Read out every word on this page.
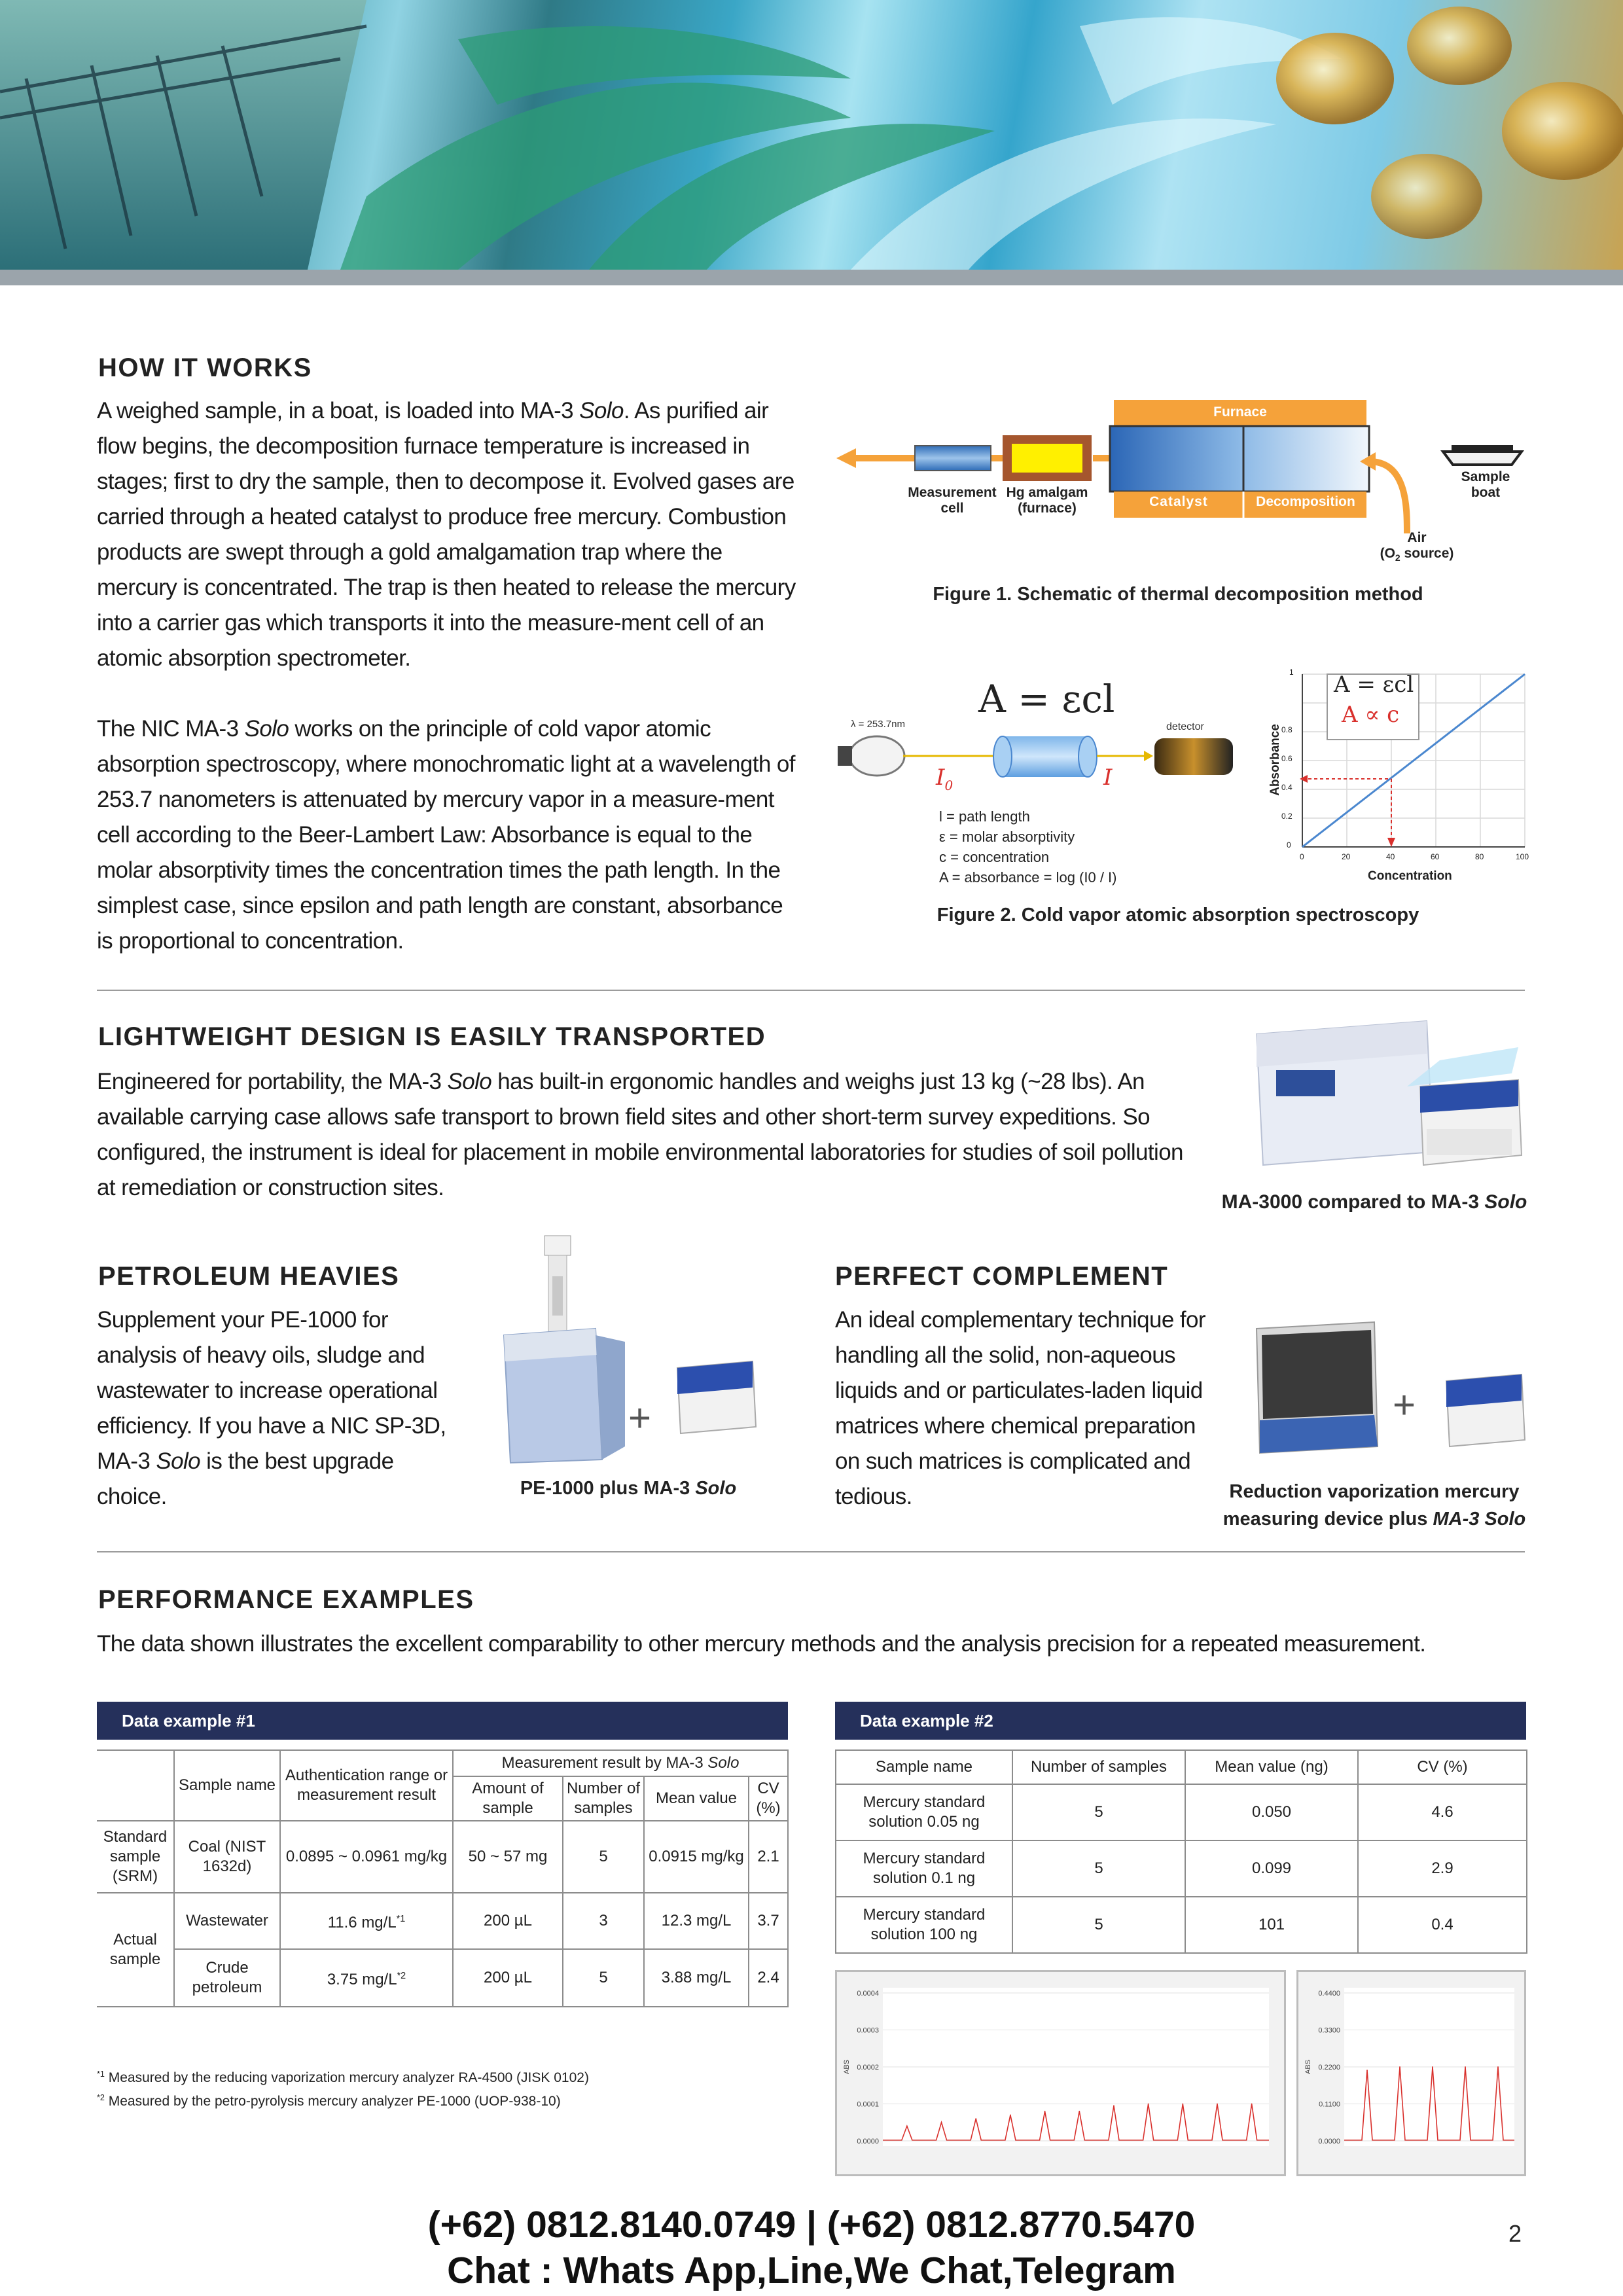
HOW IT WORKS

A weighed sample, in a boat, is loaded into MA-3 Solo. As purified air flow begins, the decomposition furnace temperature is increased in stages; first to dry the sample, then to decompose it. Evolved gases are carried through a heated catalyst to produce free mercury. Combustion products are swept through a gold amalgamation trap where the mercury is concentrated. The trap is then heated to release the mercury into a carrier gas which transports it into the measure-ment cell of an atomic absorption spectrometer.

The NIC MA-3 Solo works on the principle of cold vapor atomic absorption spectroscopy, where monochromatic light at a wavelength of 253.7 nanometers is attenuated by mercury vapor in a measure-ment cell according to the Beer-Lambert Law: Absorbance is equal to the molar absorptivity times the concentration times the path length. In the simplest case, since epsilon and path length are constant, absorbance is proportional to concentration.

Furnace
Catalyst	Decomposition
Measurement cell
Hg amalgam
(furnace)
Sample boat
Air
($O_2$ source)
Figure 1. Schematic of thermal decomposition method
A = εcl
λ = 253.7nm	detector
$I_0$	I
l = path length
ε = molar absorptivity
c = concentration
A = absorbance = log (I0 / I)
A = εcl
A ∝ c
Absorbance
Concentration
0
0.2
0.4
0.6
0.8
1
0	20	40	60	80	100
Figure 2. Cold vapor atomic absorption spectroscopy
LIGHTWEIGHT DESIGN IS EASILY TRANSPORTED

Engineered for portability, the MA-3 Solo has built-in ergonomic handles and weighs just 13 kg (~28 lbs). An available carrying case allows safe transport to brown field sites and other short-term survey expeditions. So configured, the instrument is ideal for placement in mobile environmental laboratories for studies of soil pollution at remediation or construction sites.

MA-3000 compared to MA-3 Solo
PETROLEUM HEAVIES

Supplement your PE-1000 for analysis of heavy oils, sludge and wastewater to increase operational efficiency. If you have a NIC SP-3D, MA-3 Solo is the best upgrade choice.

+
PE-1000 plus MA-3 Solo
PERFECT COMPLEMENT

An ideal complementary technique for handling all the solid, non-aqueous liquids and or particulates-laden liquid matrices where chemical preparation on such matrices is complicated and tedious.

+
Reduction vaporization mercury
measuring device plus MA-3 Solo
PERFORMANCE EXAMPLES

The data shown illustrates the excellent comparability to other mercury methods and the analysis precision for a repeated measurement.

Data example #1
	Sample name	Authentication range or measurement result	Measurement result by MA-3 Solo			
			Amount of sample	Number of samples	Mean value	CV (%)
Standard sample (SRM)	Coal (NIST 1632d)	0.0895 ~ 0.0961 mg/kg	50 ~ 57 mg	5	0.0915 mg/kg	2.1
Actual sample	Wastewater	11.6 $mg/L^{*1}$	200 µL	3	12.3 mg/L	3.7
	Crude petroleum	3.75 $mg/L^{*2}$	200 µL	5	3.88 mg/L	2.4
$^{*1}$ Measured by the reducing vaporization mercury analyzer RA-4500 (JISK 0102)
$^{*2}$ Measured by the petro-pyrolysis mercury analyzer PE-1000 (UOP-938-10)
Data example #2
Sample name	Number of samples	Mean value (ng)	CV (%)
Mercury standard solution 0.05 ng	5	0.050	4.6
Mercury standard solution 0.1 ng	5	0.099	2.9
Mercury standard solution 100 ng	5	101	0.4
0.0004
0.0003
0.0002
0.0001
0.0000
ABS
0.4400
0.3300
0.2200
0.1100
0.0000
ABS
(+62) 0812.8140.0749 | (+62) 0812.8770.5470
Chat : Whats App,Line,We Chat,Telegram
2
